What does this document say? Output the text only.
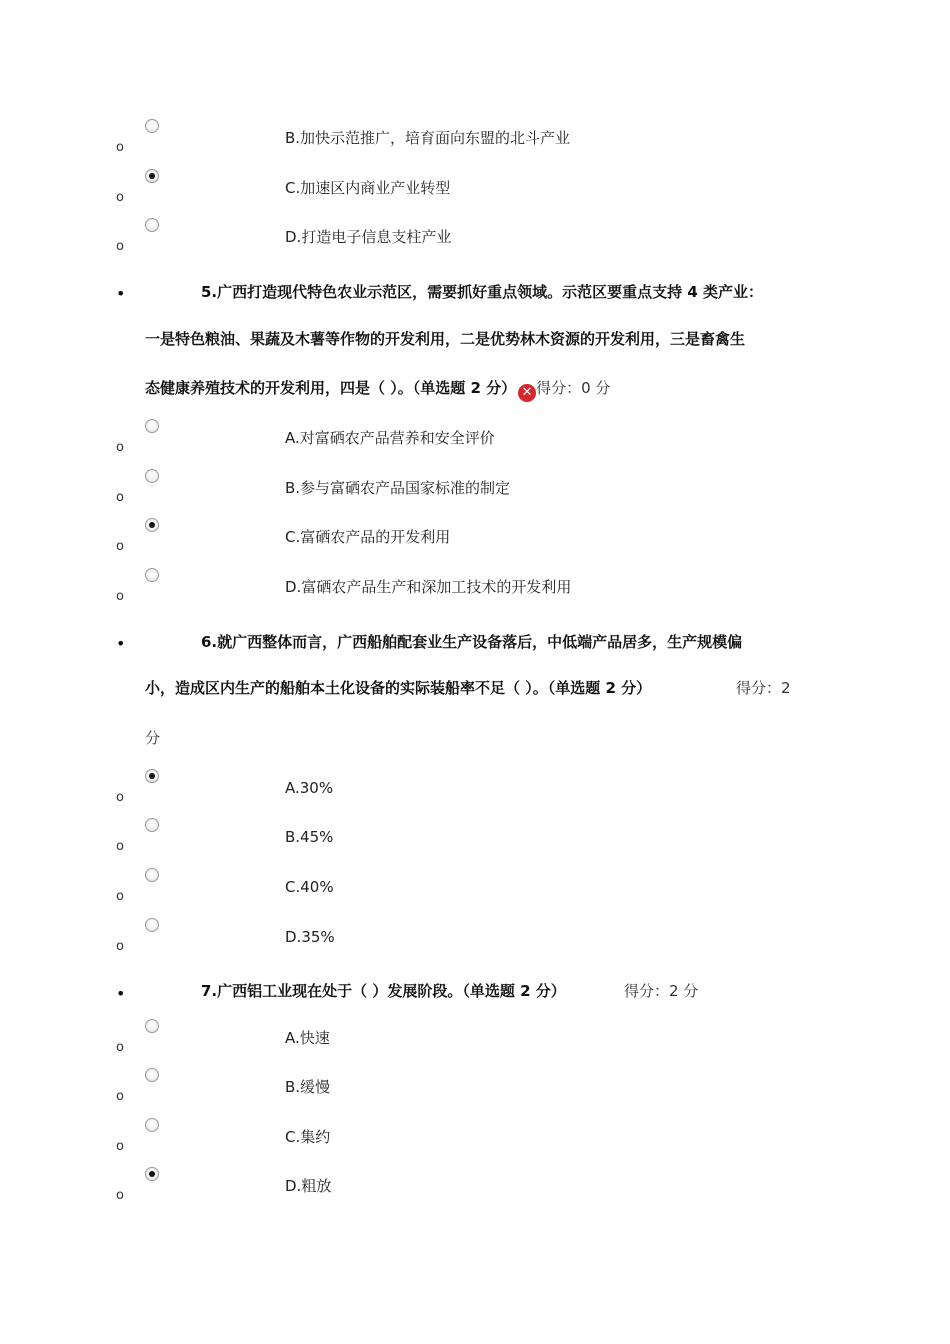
o
B.加快示范推广，培育面向东盟的北斗产业
o
C.加速区内商业产业转型
o
D.打造电子信息支柱产业
•	5.广西打造现代特色农业示范区，需要抓好重点领域。示范区要重点支持 4 类产业：
一是特色粮油、果蔬及木薯等作物的开发利用，二是优势林木资源的开发利用，三是畜禽生
态健康养殖技术的开发利用，四是（ ）。（单选题 2 分） ✕ 得分：0 分
o
A.对富硒农产品营养和安全评价
o
B.参与富硒农产品国家标准的制定
o
C.富硒农产品的开发利用
o
D.富硒农产品生产和深加工技术的开发利用
•	6.就广西整体而言，广西船舶配套业生产设备落后，中低端产品居多，生产规模偏
小，造成区内生产的船舶本土化设备的实际装船率不足（ ）。（单选题 2 分）	得分：2
分
o
A.30%
o
B.45%
o
C.40%
o
D.35%
•	7.广西铝工业现在处于（ ）发展阶段。（单选题 2 分）	得分：2 分
o
A.快速
o
B.缓慢
o
C.集约
o
D.粗放
